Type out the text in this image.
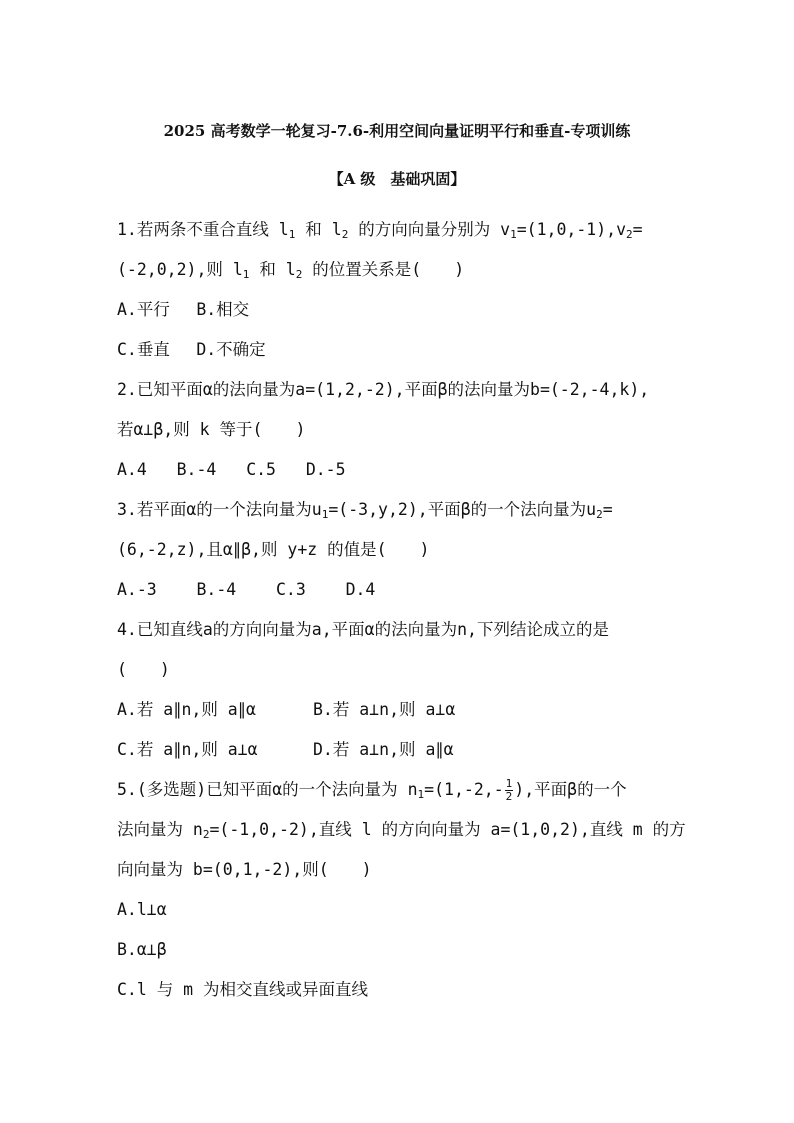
2025 高考数学一轮复习-7.6-利用空间向量证明平行和垂直-专项训练
【A 级　基础巩固】
1.若两条不重合直线 $l_1$ 和 $l_2$ 的方向向量分别为 $v_1=(1,0,-1),v_2=$
(-2,0,2),则 $l_1$ 和 $l_2$ 的位置关系是(　　)
A.平行　 B.相交
C.垂直　 D.不确定
2.已知平面α的法向量为a=(1,2,-2),平面β的法向量为b=(-2,-4,k),
若α⊥β,则 k 等于(　　)
A.4 B.-4 C.5 D.-5
3.若平面α的一个法向量为$u_1=(-3,y,2)$,平面β的一个法向量为$u_2=$
(6,-2,z),且α∥β,则 y+z 的值是(　　)
A.-3 B.-4 C.3 D.4
4.已知直线a的方向向量为a,平面α的法向量为n,下列结论成立的是
(　　)
A.若 a∥n,则 a∥α	B.若 a⊥n,则 a⊥α
C.若 a∥n,则 a⊥α	D.若 a⊥n,则 a∥α
5.(多选题)已知平面α的一个法向量为 $n_1=(1,-2,- \frac{1}{2}$ ),平面β的一个
法向量为 $n_2=(-1,0,-2)$,直线 l 的方向向量为 a=(1,0,2),直线 m 的方
向向量为 b=(0,1,-2),则(　　)
A.l⊥α
B.α⊥β
C.l 与 m 为相交直线或异面直线
